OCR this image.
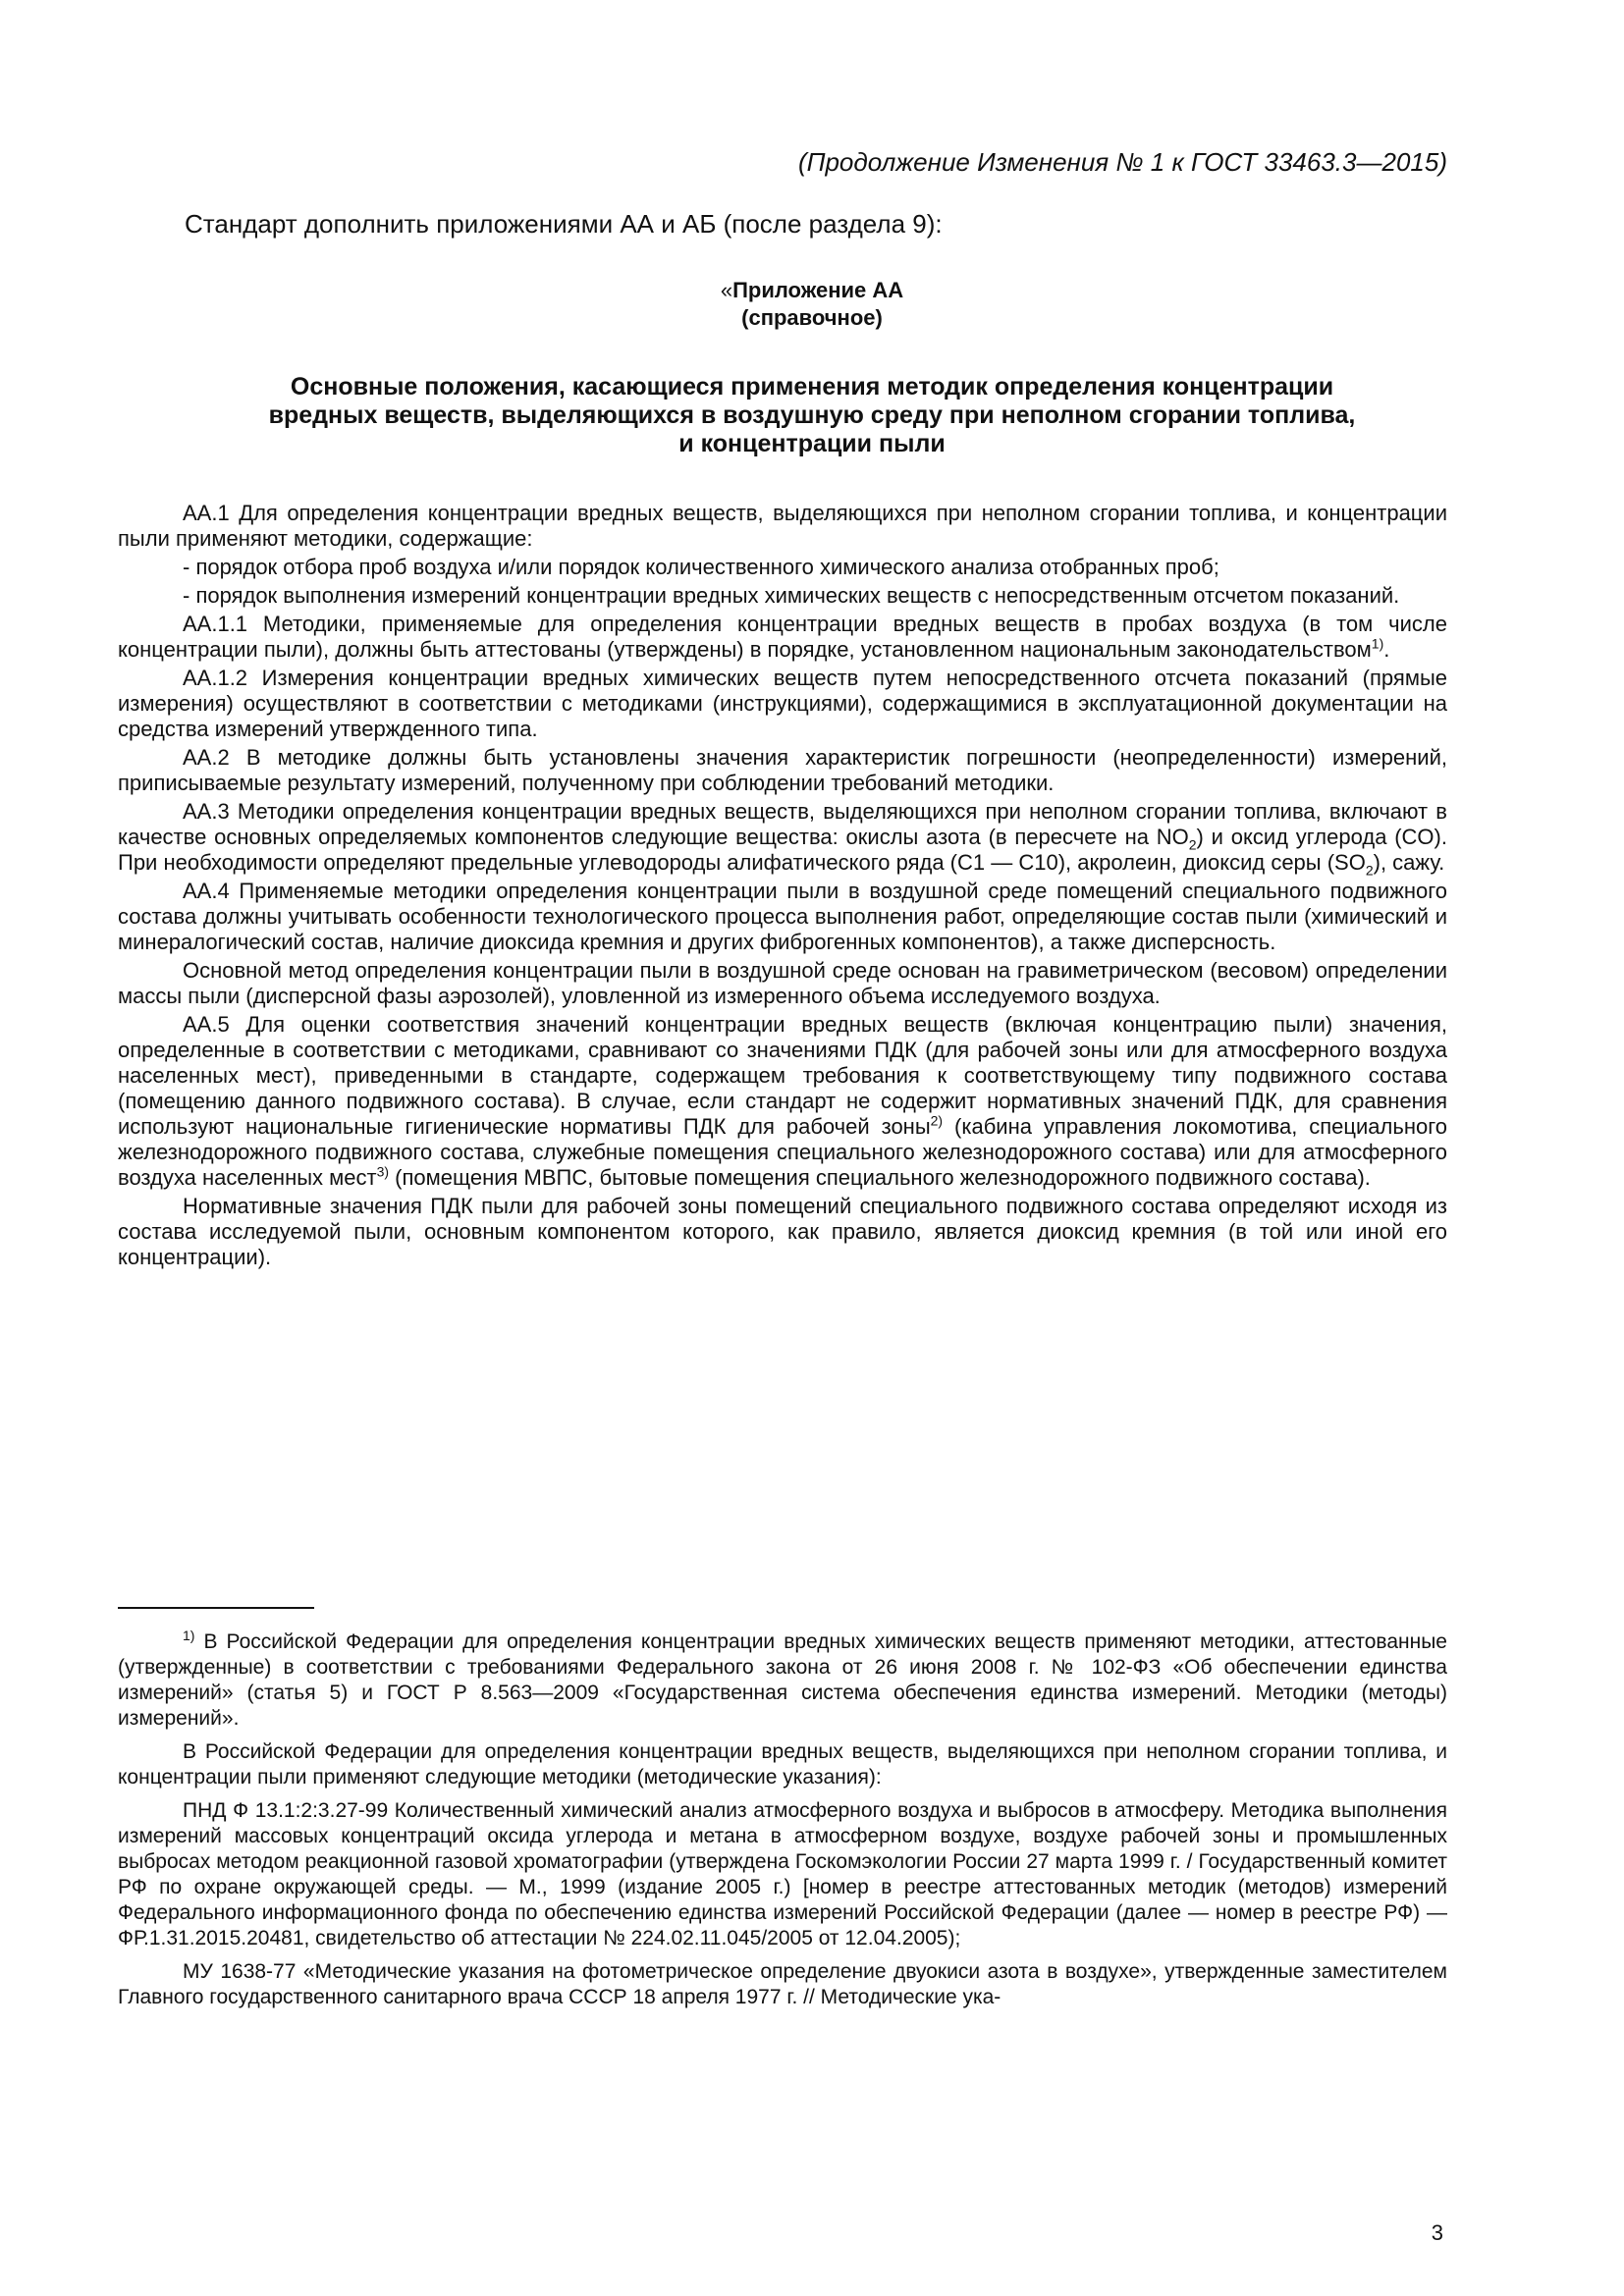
(Продолжение Изменения № 1 к ГОСТ 33463.3—2015)
Стандарт дополнить приложениями АА и АБ (после раздела 9):
«Приложение АА
(справочное)
Основные положения, касающиеся применения методик определения концентрации
вредных веществ, выделяющихся в воздушную среду при неполном сгорании топлива,
и концентрации пыли

АА.1 Для определения концентрации вредных веществ, выделяющихся при неполном сгорании топлива, и концентрации пыли применяют методики, содержащие:

- порядок отбора проб воздуха и/или порядок количественного химического анализа отобранных проб;

- порядок выполнения измерений концентрации вредных химических веществ с непосредственным отсчетом показаний.

АА.1.1 Методики, применяемые для определения концентрации вредных веществ в пробах воздуха (в том числе концентрации пыли), должны быть аттестованы (утверждены) в порядке, установленном национальным законодательством$^{1)}$.

АА.1.2 Измерения концентрации вредных химических веществ путем непосредственного отсчета показаний (прямые измерения) осуществляют в соответствии с методиками (инструкциями), содержащимися в эксплуатационной документации на средства измерений утвержденного типа.

АА.2 В методике должны быть установлены значения характеристик погрешности (неопределенности) измерений, приписываемые результату измерений, полученному при соблюдении требований методики.

АА.3 Методики определения концентрации вредных веществ, выделяющихся при неполном сгорании топлива, включают в качестве основных определяемых компонентов следующие вещества: окислы азота (в пересчете на $NO_2$) и оксид углерода (CO). При необходимости определяют предельные углеводороды алифатического ряда (С1 — С10), акролеин, диоксид серы $(SO_2)$, сажу.

АА.4 Применяемые методики определения концентрации пыли в воздушной среде помещений специального подвижного состава должны учитывать особенности технологического процесса выполнения работ, определяющие состав пыли (химический и минералогический состав, наличие диоксида кремния и других фиброгенных компонентов), а также дисперсность.

Основной метод определения концентрации пыли в воздушной среде основан на гравиметрическом (весовом) определении массы пыли (дисперсной фазы аэрозолей), уловленной из измеренного объема исследуемого воздуха.

АА.5 Для оценки соответствия значений концентрации вредных веществ (включая концентрацию пыли) значения, определенные в соответствии с методиками, сравнивают со значениями ПДК (для рабочей зоны или для атмосферного воздуха населенных мест), приведенными в стандарте, содержащем требования к соответствующему типу подвижного состава (помещению данного подвижного состава). В случае, если стандарт не содержит нормативных значений ПДК, для сравнения используют национальные гигиенические нормативы ПДК для рабочей зоны$^{2)}$ (кабина управления локомотива, специального железнодорожного подвижного состава, служебные помещения специального железнодорожного состава) или для атмосферного воздуха населенных мест$^{3)}$ (помещения МВПС, бытовые помещения специального железнодорожного подвижного состава).

Нормативные значения ПДК пыли для рабочей зоны помещений специального подвижного состава определяют исходя из состава исследуемой пыли, основным компонентом которого, как правило, является диоксид кремния (в той или иной его концентрации).

$^{1)}$ В Российской Федерации для определения концентрации вредных химических веществ применяют методики, аттестованные (утвержденные) в соответствии с требованиями Федерального закона от 26 июня 2008 г. № 102-ФЗ «Об обеспечении единства измерений» (статья 5) и ГОСТ Р 8.563—2009 «Государственная система обеспечения единства измерений. Методики (методы) измерений».

В Российской Федерации для определения концентрации вредных веществ, выделяющихся при неполном сгорании топлива, и концентрации пыли применяют следующие методики (методические указания):

ПНД Ф 13.1:2:3.27-99 Количественный химический анализ атмосферного воздуха и выбросов в атмосферу. Методика выполнения измерений массовых концентраций оксида углерода и метана в атмосферном воздухе, воздухе рабочей зоны и промышленных выбросах методом реакционной газовой хроматографии (утверждена Госкомэкологии России 27 марта 1999 г. / Государственный комитет РФ по охране окружающей среды. — М., 1999 (издание 2005 г.) [номер в реестре аттестованных методик (методов) измерений Федерального информационного фонда по обеспечению единства измерений Российской Федерации (далее — номер в реестре РФ) — ФР.1.31.2015.20481, свидетельство об аттестации № 224.02.11.045/2005 от 12.04.2005);

МУ 1638-77 «Методические указания на фотометрическое определение двуокиси азота в воздухе», утвержденные заместителем Главного государственного санитарного врача СССР 18 апреля 1977 г. // Методические ука-

3
